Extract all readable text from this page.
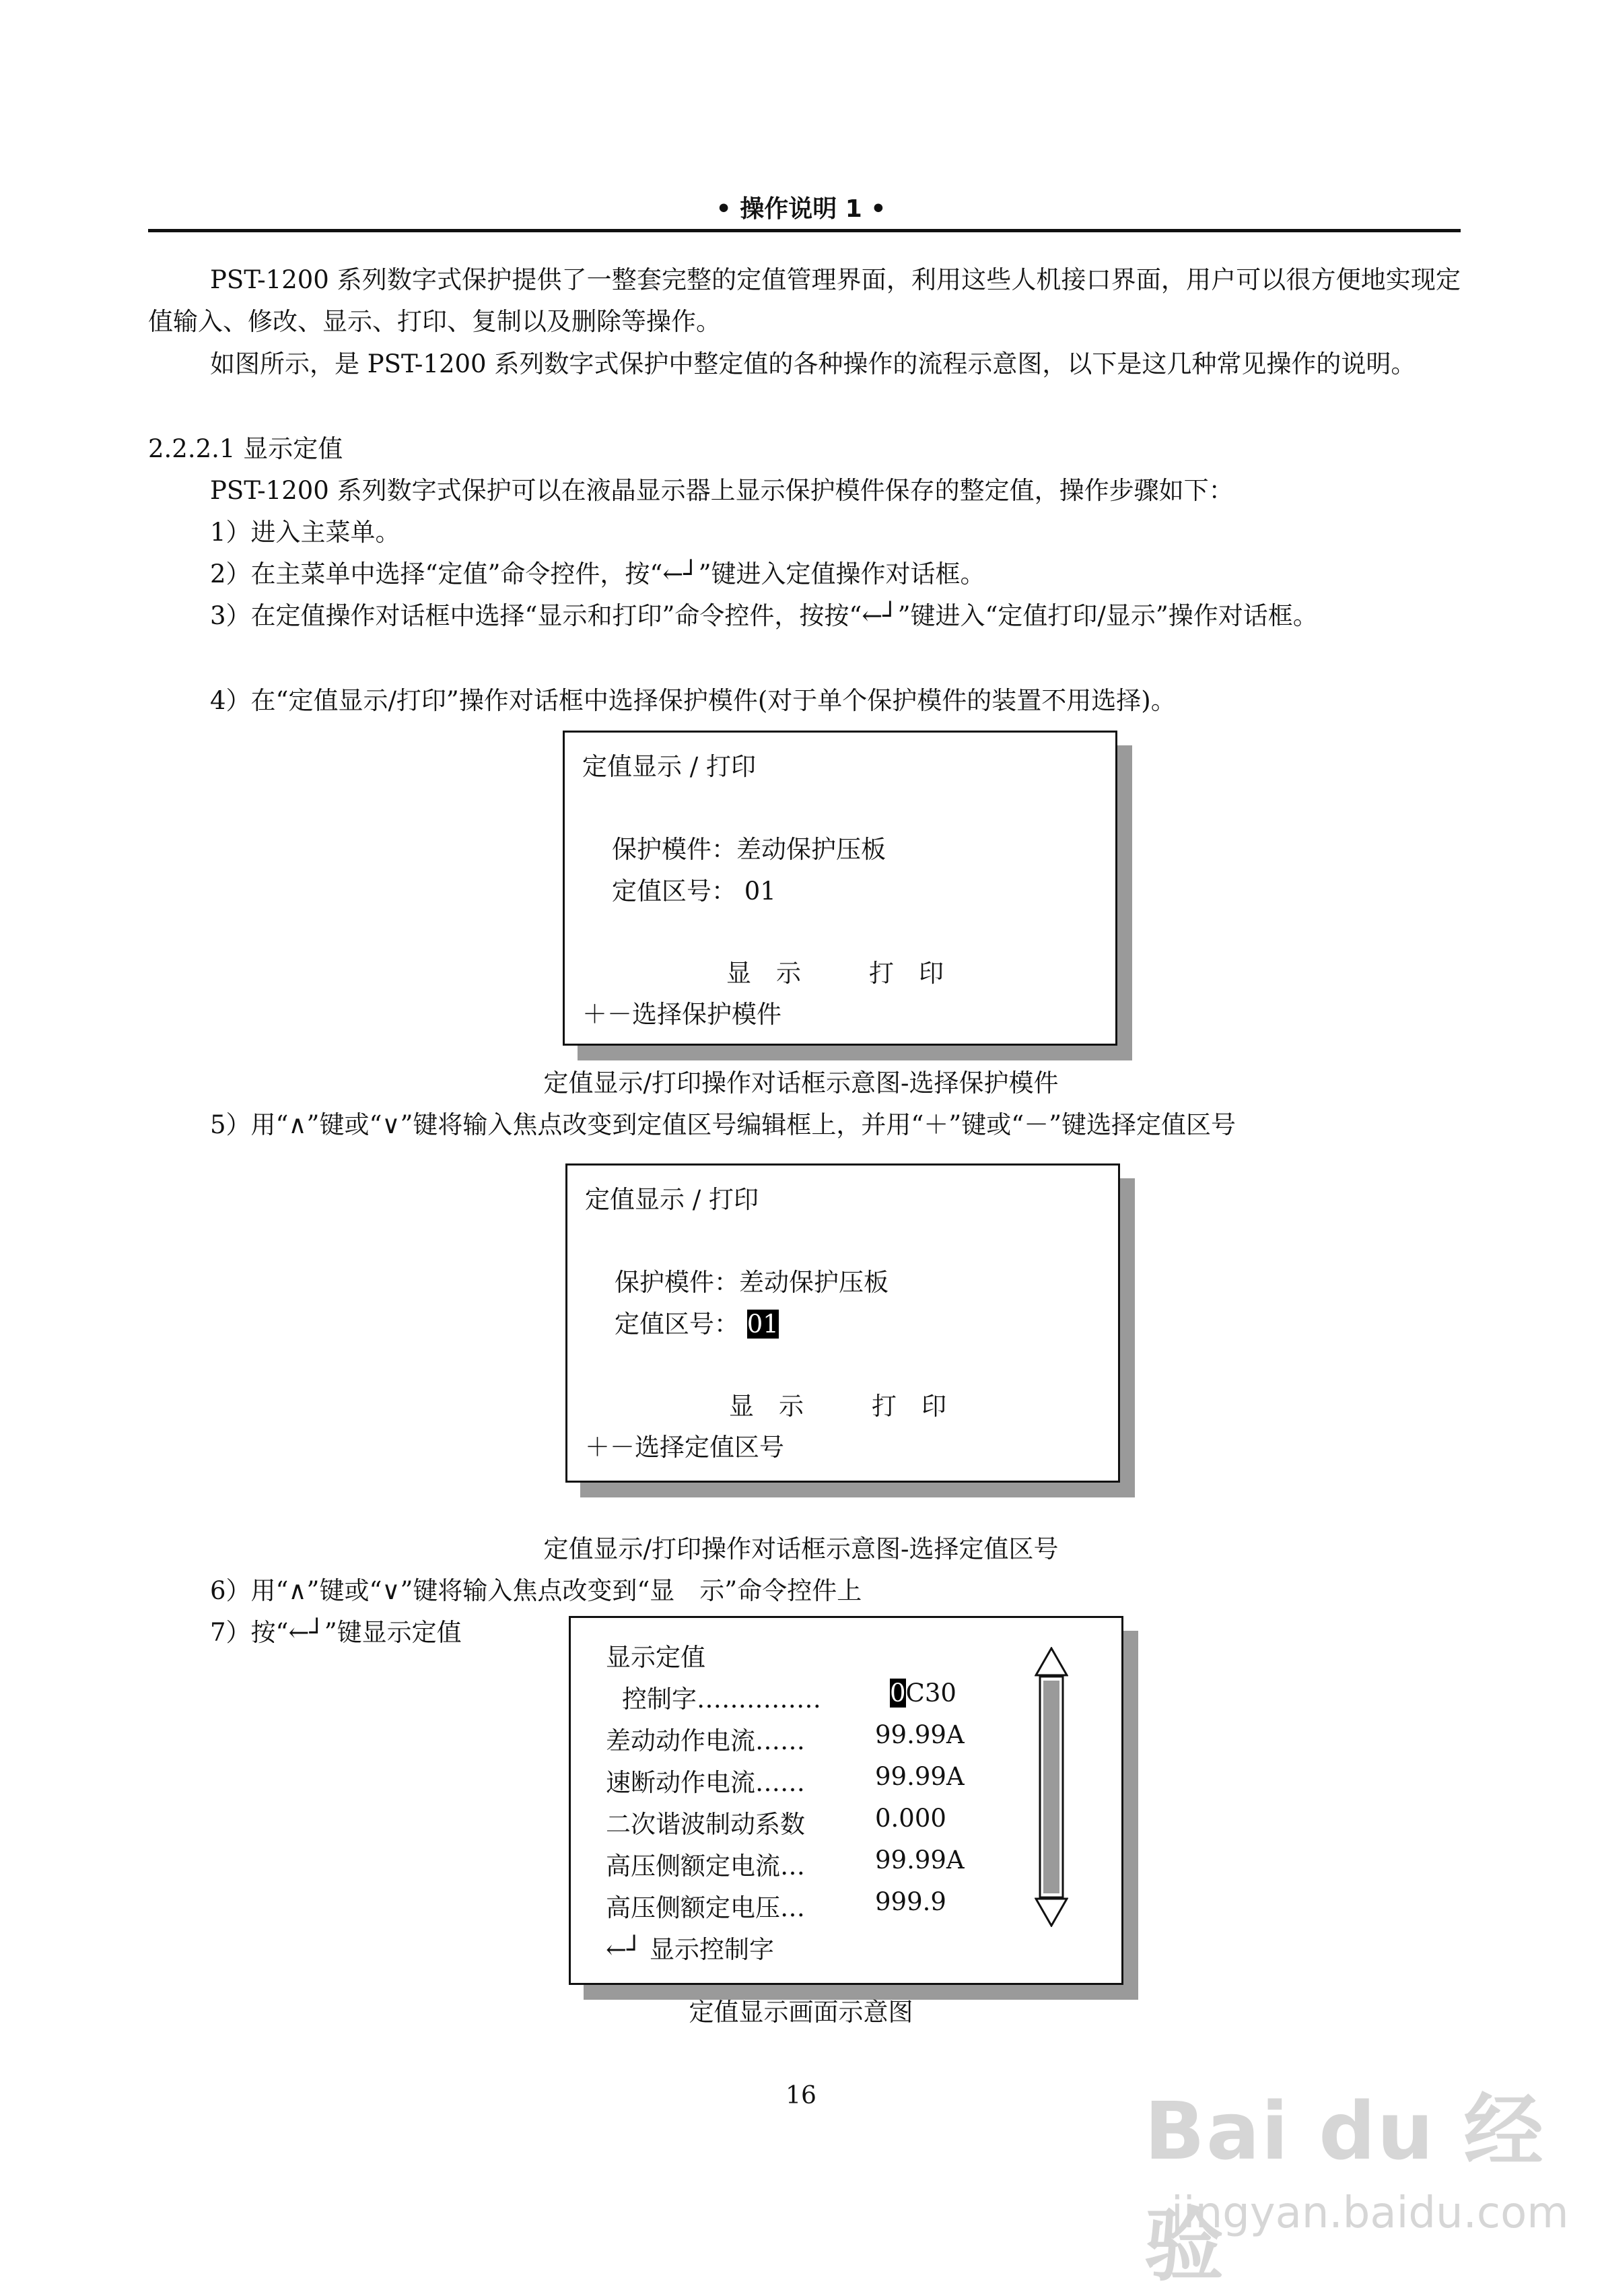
• 操作说明 1 •
PST-1200 系列数字式保护提供了一整套完整的定值管理界面，利用这些人机接口界面，用户可以很方便地实现定值输入、修改、显示、打印、复制以及删除等操作。
如图所示，是 PST-1200 系列数字式保护中整定值的各种操作的流程示意图，以下是这几种常见操作的说明。
2.2.2.1 显示定值
PST-1200 系列数字式保护可以在液晶显示器上显示保护模件保存的整定值，操作步骤如下：
1）进入主菜单。
2）在主菜单中选择“定值”命令控件，按“←┘”键进入定值操作对话框。
3）在定值操作对话框中选择“显示和打印”命令控件，按按“←┘”键进入“定值打印/显示”操作对话框。
4）在“定值显示/打印”操作对话框中选择保护模件(对于单个保护模件的装置不用选择)。
定值显示 / 打印
保护模件：差动保护压板
定值区号： 01
显　示	打　印
＋－选择保护模件
定值显示/打印操作对话框示意图-选择保护模件
5）用“∧”键或“∨”键将输入焦点改变到定值区号编辑框上，并用“＋”键或“－”键选择定值区号
定值显示 / 打印
保护模件：差动保护压板
定值区号： 01
显　示	打　印
＋－选择定值区号
定值显示/打印操作对话框示意图-选择定值区号
6）用“∧”键或“∨”键将输入焦点改变到“显　示”命令控件上
7）按“←┘”键显示定值
显示定值
控制字……………	0C30
差动动作电流……	99.99A
速断动作电流……	99.99A
二次谐波制动系数	0.000
高压侧额定电流…	99.99A
高压侧额定电压…	999.9
←┘ 显示控制字
定值显示画面示意图
16	Bai du 经验
jingyan.baidu.com
